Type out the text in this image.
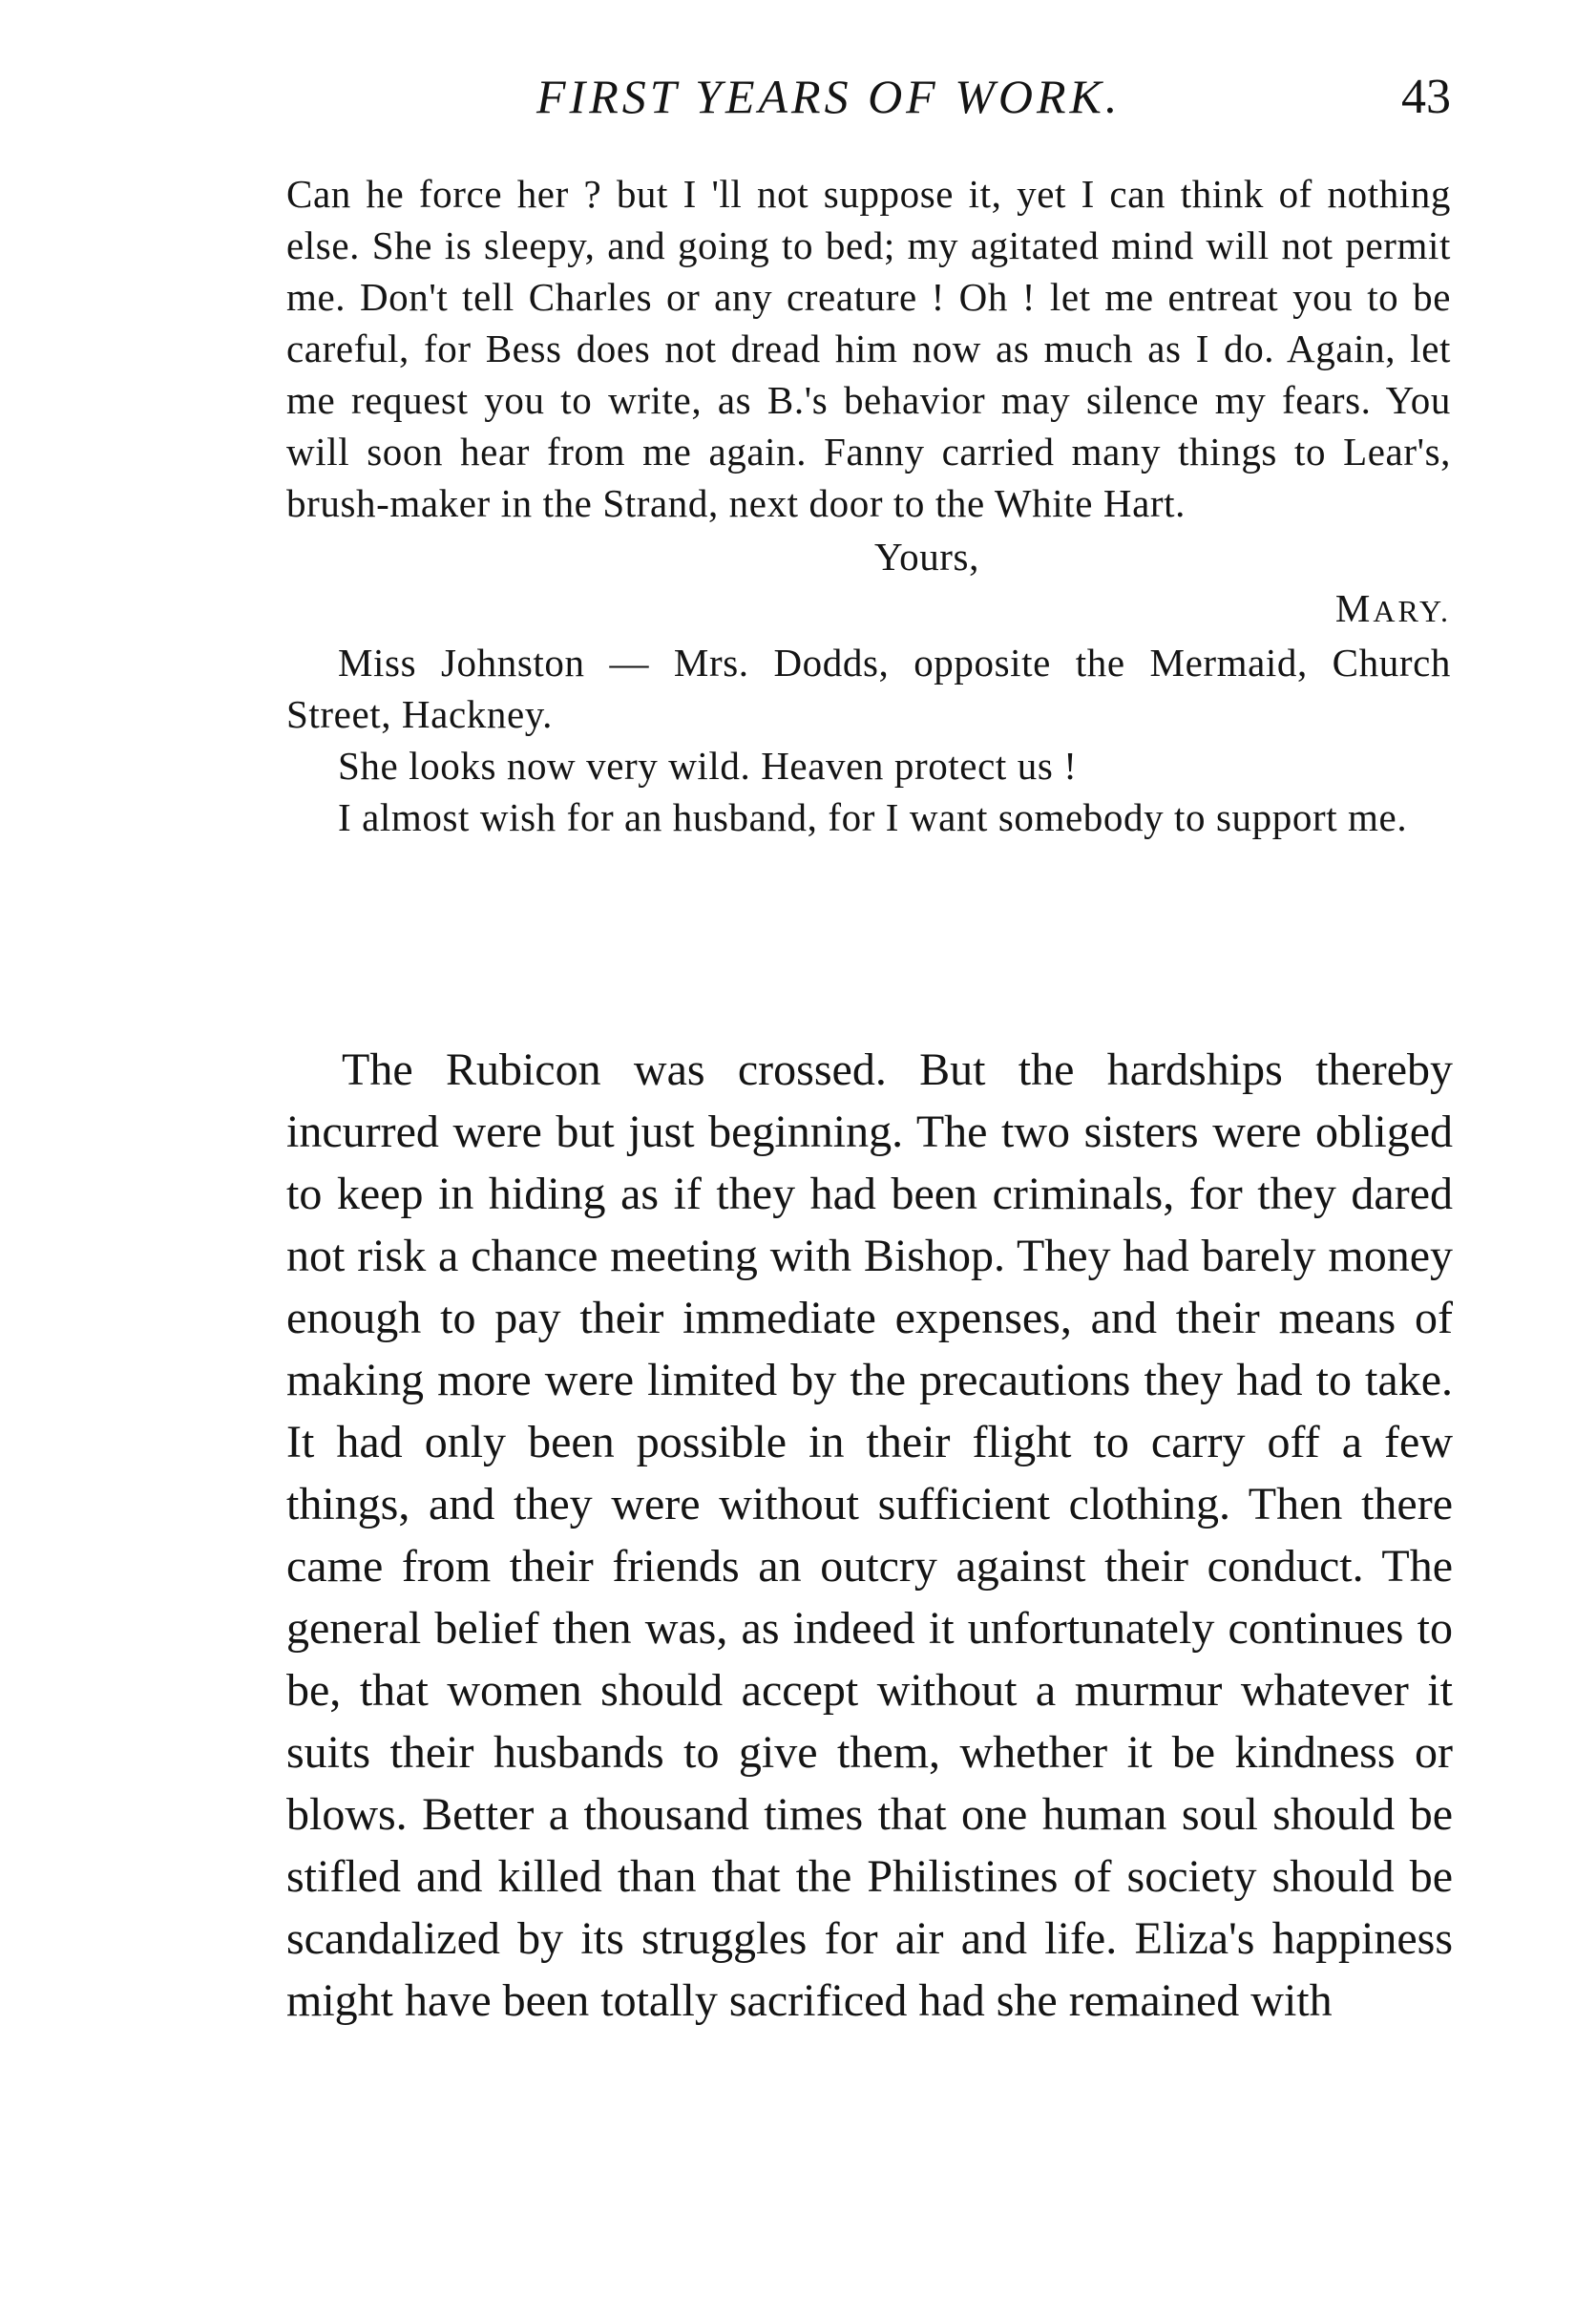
FIRST YEARS OF WORK.	43

Can he force her ? but I 'll not suppose it, yet I can think of nothing else. She is sleepy, and going to bed; my agitated mind will not permit me. Don't tell Charles or any creature ! Oh ! let me entreat you to be careful, for Bess does not dread him now as much as I do. Again, let me request you to write, as B.'s behavior may silence my fears. You will soon hear from me again. Fanny carried many things to Lear's, brush-maker in the Strand, next door to the White Hart.

Yours,

MARY.

Miss Johnston — Mrs. Dodds, opposite the Mermaid, Church Street, Hackney.

She looks now very wild. Heaven protect us !

I almost wish for an husband, for I want somebody to support me.

The Rubicon was crossed. But the hardships thereby incurred were but just beginning. The two sisters were obliged to keep in hiding as if they had been criminals, for they dared not risk a chance meeting with Bishop. They had barely money enough to pay their immediate expenses, and their means of making more were limited by the precautions they had to take. It had only been possible in their flight to carry off a few things, and they were without sufficient clothing. Then there came from their friends an outcry against their conduct. The general belief then was, as indeed it unfortunately continues to be, that women should accept without a murmur whatever it suits their husbands to give them, whether it be kindness or blows. Better a thousand times that one human soul should be stifled and killed than that the Philistines of society should be scandalized by its struggles for air and life. Eliza's happiness might have been totally sacrificed had she remained with
